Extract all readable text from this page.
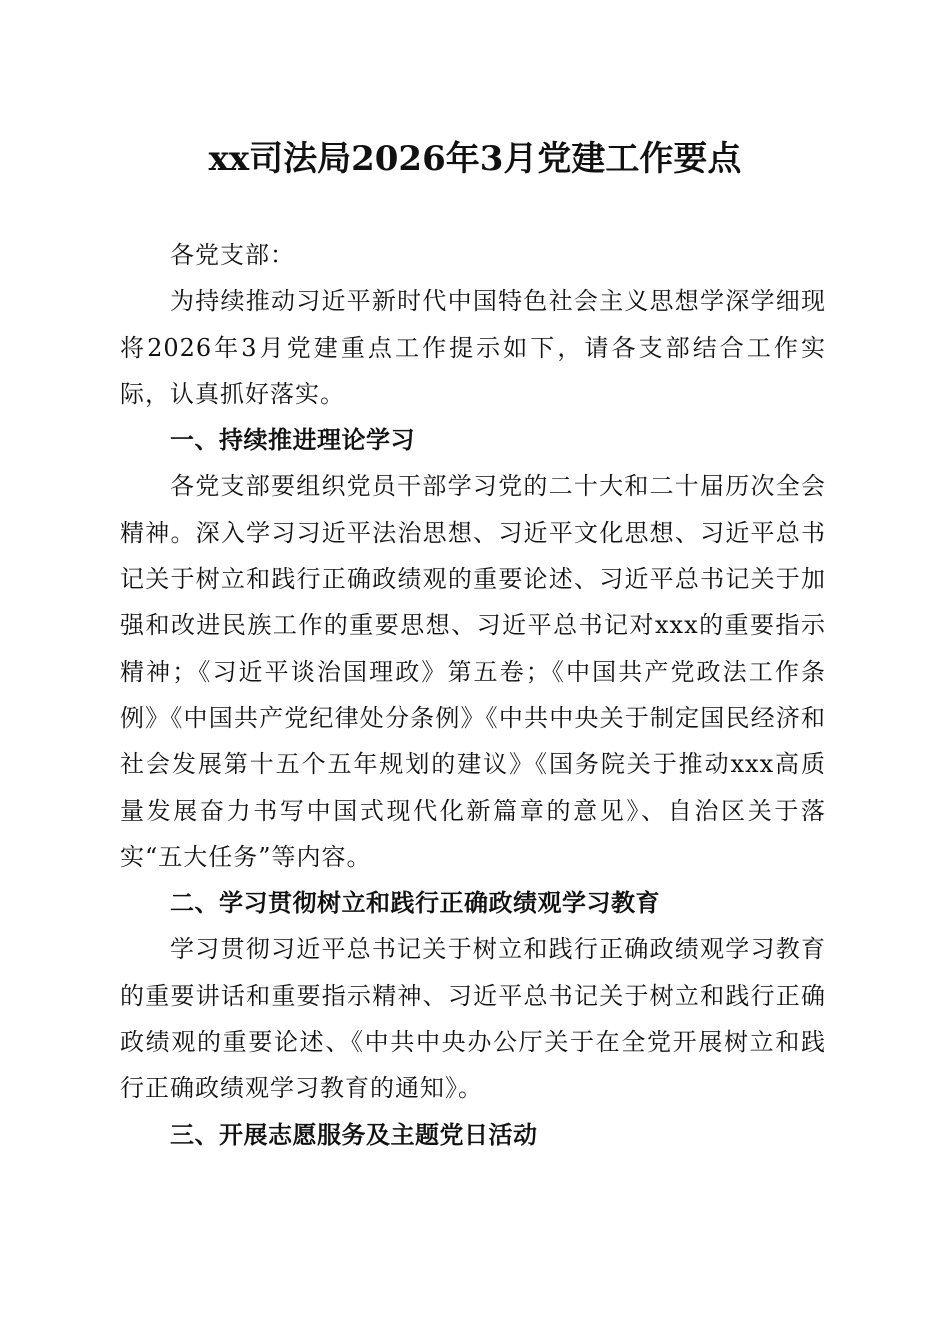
xx司法局2026年3月党建工作要点

各党支部：

为持续推动习近平新时代中国特色社会主义思想学深学细现将2026年3月党建重点工作提示如下，请各支部结合工作实际，认真抓好落实。

一、持续推进理论学习

各党支部要组织党员干部学习党的二十大和二十届历次全会精神。深入学习习近平法治思想、习近平文化思想、习近平总书记关于树立和践行正确政绩观的重要论述、习近平总书记关于加强和改进民族工作的重要思想、习近平总书记对xxx的重要指示精神；《习近平谈治国理政》第五卷；《中国共产党政法工作条例》《中国共产党纪律处分条例》《中共中央关于制定国民经济和社会发展第十五个五年规划的建议》《国务院关于推动xxx高质量发展奋力书写中国式现代化新篇章的意见》、自治区关于落实“五大任务”等内容。

二、学习贯彻树立和践行正确政绩观学习教育

学习贯彻习近平总书记关于树立和践行正确政绩观学习教育的重要讲话和重要指示精神、习近平总书记关于树立和践行正确政绩观的重要论述、《中共中央办公厅关于在全党开展树立和践行正确政绩观学习教育的通知》。

三、开展志愿服务及主题党日活动
